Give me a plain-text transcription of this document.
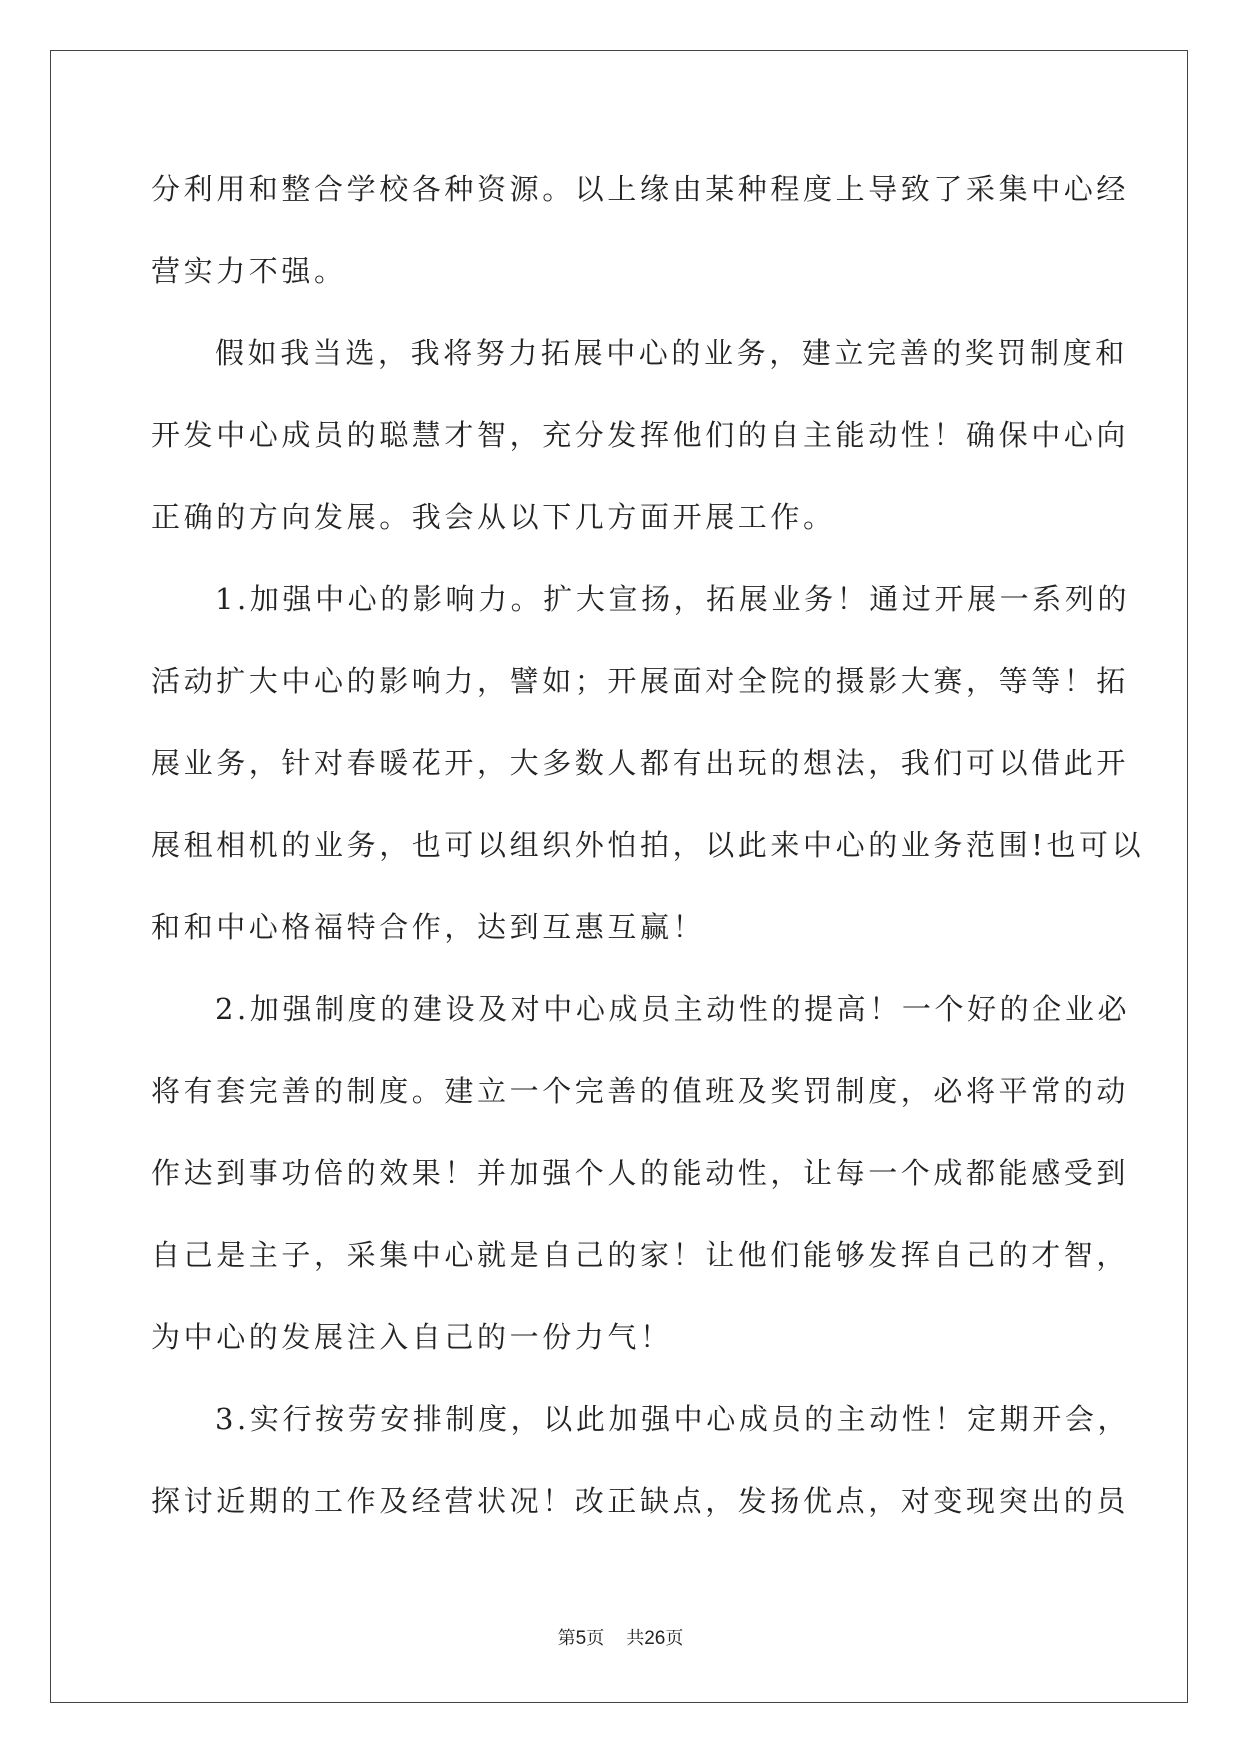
分利用和整合学校各种资源。以上缘由某种程度上导致了采集中心经
营实力不强。
假如我当选，我将努力拓展中心的业务，建立完善的奖罚制度和
开发中心成员的聪慧才智，充分发挥他们的自主能动性！确保中心向
正确的方向发展。我会从以下几方面开展工作。
1.加强中心的影响力。扩大宣扬，拓展业务！通过开展一系列的
活动扩大中心的影响力，譬如；开展面对全院的摄影大赛，等等！拓
展业务，针对春暖花开，大多数人都有出玩的想法，我们可以借此开
展租相机的业务，也可以组织外怕拍，以此来中心的业务范围!也可以
和和中心格福特合作，达到互惠互赢！
2.加强制度的建设及对中心成员主动性的提高！一个好的企业必
将有套完善的制度。建立一个完善的值班及奖罚制度，必将平常的动
作达到事功倍的效果！并加强个人的能动性，让每一个成都能感受到
自己是主子，采集中心就是自己的家！让他们能够发挥自己的才智，
为中心的发展注入自己的一份力气！
3.实行按劳安排制度，以此加强中心成员的主动性！定期开会，
探讨近期的工作及经营状况！改正缺点，发扬优点，对变现突出的员
第5页 共26页
